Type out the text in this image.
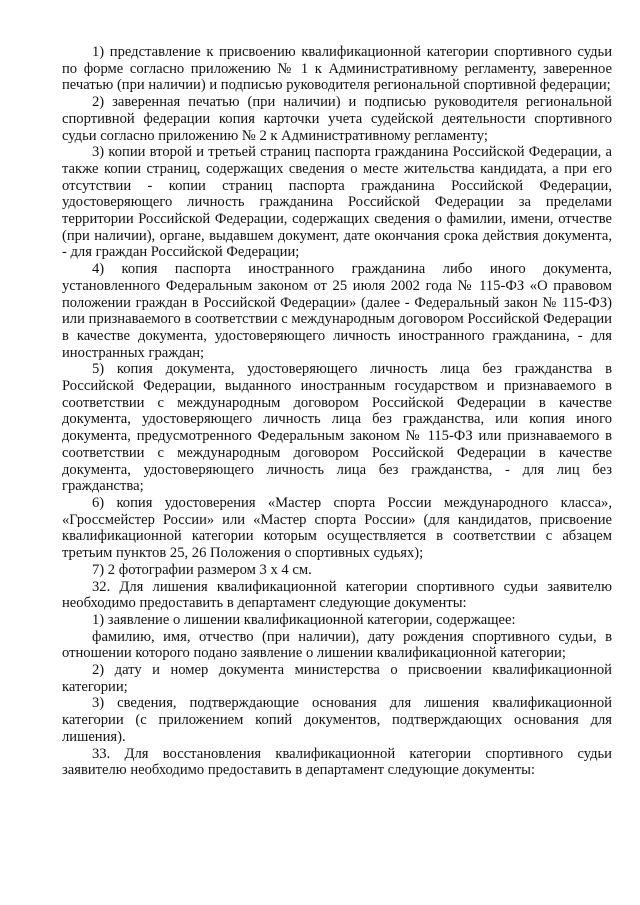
1) представление к присвоению квалификационной категории спортивного судьи по форме согласно приложению № 1 к Административному регламенту, заверенное печатью (при наличии) и подписью руководителя региональной спортивной федерации;

2) заверенная печатью (при наличии) и подписью руководителя региональной спортивной федерации копия карточки учета судейской деятельности спортивного судьи согласно приложению № 2 к Административному регламенту;

3) копии второй и третьей страниц паспорта гражданина Российской Федерации, а также копии страниц, содержащих сведения о месте жительства кандидата, а при его отсутствии - копии страниц паспорта гражданина Российской Федерации, удостоверяющего личность гражданина Российской Федерации за пределами территории Российской Федерации, содержащих сведения о фамилии, имени, отчестве (при наличии), органе, выдавшем документ, дате окончания срока действия документа, - для граждан Российской Федерации;

4) копия паспорта иностранного гражданина либо иного документа, установленного Федеральным законом от 25 июля 2002 года № 115-ФЗ «О правовом положении граждан в Российской Федерации» (далее - Федеральный закон № 115-ФЗ) или признаваемого в соответствии с международным договором Российской Федерации в качестве документа, удостоверяющего личность иностранного гражданина, - для иностранных граждан;

5) копия документа, удостоверяющего личность лица без гражданства в Российской Федерации, выданного иностранным государством и признаваемого в соответствии с международным договором Российской Федерации в качестве документа, удостоверяющего личность лица без гражданства, или копия иного документа, предусмотренного Федеральным законом № 115-ФЗ или признаваемого в соответствии с международным договором Российской Федерации в качестве документа, удостоверяющего личность лица без гражданства, - для лиц без гражданства;

6) копия удостоверения «Мастер спорта России международного класса», «Гроссмейстер России» или «Мастер спорта России» (для кандидатов, присвоение квалификационной категории которым осуществляется в соответствии с абзацем третьим пунктов 25, 26 Положения о спортивных судьях);

7) 2 фотографии размером 3 х 4 см.

32. Для лишения квалификационной категории спортивного судьи заявителю необходимо предоставить в департамент следующие документы:

1) заявление о лишении квалификационной категории, содержащее:

фамилию, имя, отчество (при наличии), дату рождения спортивного судьи, в отношении которого подано заявление о лишении квалификационной категории;

2) дату и номер документа министерства о присвоении квалификационной категории;

3) сведения, подтверждающие основания для лишения квалификационной категории (с приложением копий документов, подтверждающих основания для лишения).

33. Для восстановления квалификационной категории спортивного судьи заявителю необходимо предоставить в департамент следующие документы:
